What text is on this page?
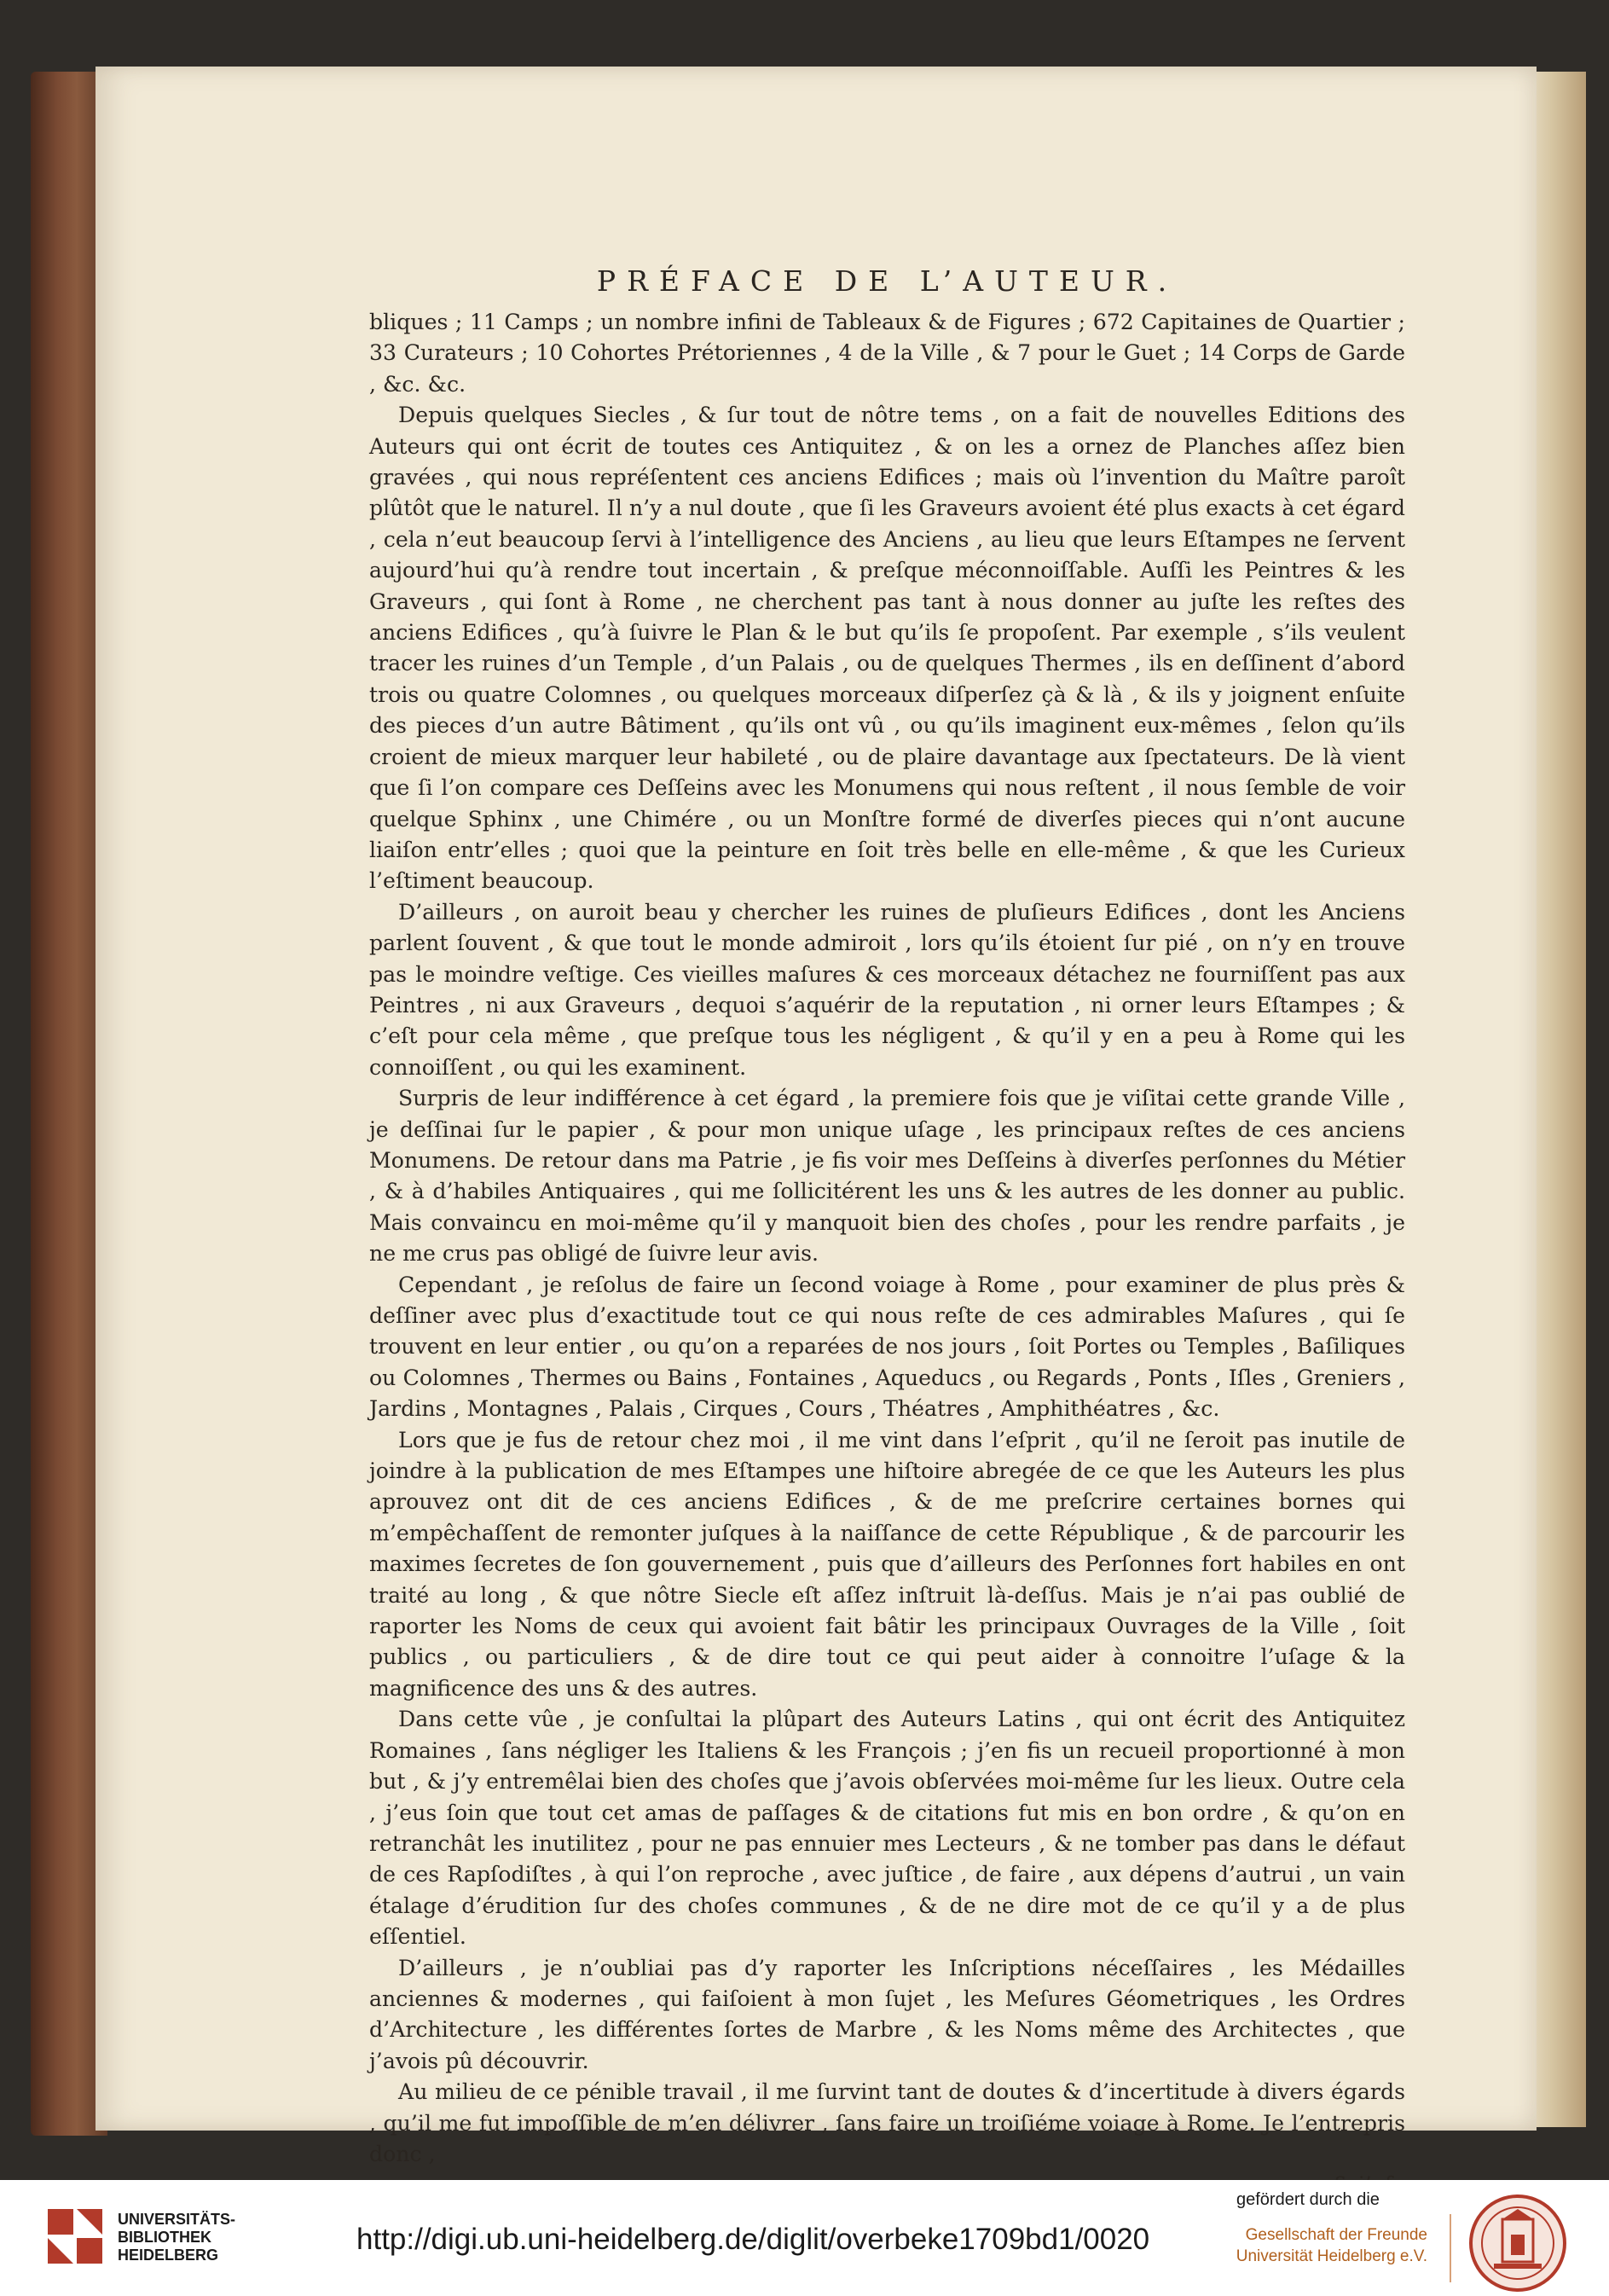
PRÉFACE DE L’AUTEUR.

bliques ; 11 Camps ; un nombre infini de Tableaux & de Figures ; 672 Capitaines de Quartier ; 33 Curateurs ; 10 Cohortes Prétoriennes , 4 de la Ville , & 7 pour le Guet ; 14 Corps de Garde , &c. &c.

Depuis quelques Siecles , & ſur tout de nôtre tems , on a fait de nouvelles Editions des Auteurs qui ont écrit de toutes ces Antiquitez , & on les a ornez de Planches aſſez bien gravées , qui nous repréſentent ces anciens Edifices ; mais où l’invention du Maître paroît plûtôt que le naturel. Il n’y a nul doute , que ſi les Graveurs avoient été plus exacts à cet égard , cela n’eut beaucoup ſervi à l’intelligence des Anciens , au lieu que leurs Eſtampes ne ſervent aujourd’hui qu’à rendre tout incertain , & preſque méconnoiſſable. Auſſi les Peintres & les Graveurs , qui ſont à Rome , ne cherchent pas tant à nous donner au juſte les reſtes des anciens Edifices , qu’à ſuivre le Plan & le but qu’ils ſe propoſent. Par exemple , s’ils veulent tracer les ruines d’un Temple , d’un Palais , ou de quelques Thermes , ils en deſſinent d’abord trois ou quatre Colomnes , ou quelques morceaux diſperſez çà & là , & ils y joignent enſuite des pieces d’un autre Bâtiment , qu’ils ont vû , ou qu’ils imaginent eux-mêmes , ſelon qu’ils croient de mieux marquer leur habileté , ou de plaire davantage aux ſpectateurs. De là vient que ſi l’on compare ces Deſſeins avec les Monumens qui nous reſtent , il nous ſemble de voir quelque Sphinx , une Chimére , ou un Monſtre formé de diverſes pieces qui n’ont aucune liaiſon entr’elles ; quoi que la peinture en ſoit très belle en elle-même , & que les Curieux l’eſtiment beaucoup.

D’ailleurs , on auroit beau y chercher les ruines de pluſieurs Edifices , dont les Anciens parlent ſouvent , & que tout le monde admiroit , lors qu’ils étoient ſur pié , on n’y en trouve pas le moindre veſtige. Ces vieilles maſures & ces morceaux détachez ne fourniſſent pas aux Peintres , ni aux Graveurs , dequoi s’aquérir de la reputation , ni orner leurs Eſtampes ; & c’eſt pour cela même , que preſque tous les négligent , & qu’il y en a peu à Rome qui les connoiſſent , ou qui les examinent.

Surpris de leur indifférence à cet égard , la premiere fois que je viſitai cette grande Ville , je deſſinai ſur le papier , & pour mon unique uſage , les principaux reſtes de ces anciens Monumens. De retour dans ma Patrie , je fis voir mes Deſſeins à diverſes perſonnes du Métier , & à d’habiles Antiquaires , qui me ſollicitérent les uns & les autres de les donner au public. Mais convaincu en moi-même qu’il y manquoit bien des choſes , pour les rendre parfaits , je ne me crus pas obligé de ſuivre leur avis.

Cependant , je reſolus de faire un ſecond voiage à Rome , pour examiner de plus près & deſſiner avec plus d’exactitude tout ce qui nous reſte de ces admirables Maſures , qui ſe trouvent en leur entier , ou qu’on a reparées de nos jours , ſoit Portes ou Temples , Baſiliques ou Colomnes , Thermes ou Bains , Fontaines , Aqueducs , ou Regards , Ponts , Iſles , Greniers , Jardins , Montagnes , Palais , Cirques , Cours , Théatres , Amphithéatres , &c.

Lors que je fus de retour chez moi , il me vint dans l’eſprit , qu’il ne ſeroit pas inutile de joindre à la publication de mes Eſtampes une hiſtoire abregée de ce que les Auteurs les plus aprouvez ont dit de ces anciens Edifices , & de me preſcrire certaines bornes qui m’empêchaſſent de remonter juſques à la naiſſance de cette République , & de parcourir les maximes ſecretes de ſon gouvernement , puis que d’ailleurs des Perſonnes fort habiles en ont traité au long , & que nôtre Siecle eſt aſſez inſtruit là-deſſus. Mais je n’ai pas oublié de raporter les Noms de ceux qui avoient fait bâtir les principaux Ouvrages de la Ville , ſoit publics , ou particuliers , & de dire tout ce qui peut aider à connoitre l’uſage & la magnificence des uns & des autres.

Dans cette vûe , je conſultai la plûpart des Auteurs Latins , qui ont écrit des Antiquitez Romaines , ſans négliger les Italiens & les François ; j’en fis un recueil proportionné à mon but , & j’y entremêlai bien des choſes que j’avois obſervées moi-même ſur les lieux. Outre cela , j’eus ſoin que tout cet amas de paſſages & de citations fut mis en bon ordre , & qu’on en retranchât les inutilitez , pour ne pas ennuier mes Lecteurs , & ne tomber pas dans le défaut de ces Rapſodiſtes , à qui l’on reproche , avec juſtice , de faire , aux dépens d’autrui , un vain étalage d’érudition ſur des choſes communes , & de ne dire mot de ce qu’il y a de plus eſſentiel.

D’ailleurs , je n’oubliai pas d’y raporter les Inſcriptions néceſſaires , les Médailles anciennes & modernes , qui faiſoient à mon ſujet , les Meſures Géometriques , les Ordres d’Architecture , les différentes ſortes de Marbre , & les Noms même des Architectes , que j’avois pû découvrir.

Au milieu de ce pénible travail , il me ſurvint tant de doutes & d’incertitude à divers égards , qu’il me fut impoſſible de m’en délivrer , ſans faire un troiſiéme voiage à Rome. Je l’entrepris donc ,

UNIVERSITÄTS-
BIBLIOTHEK
HEIDELBERG	http://digi.ub.uni-heidelberg.de/diglit/overbeke1709bd1/0020
gefördert durch die
Gesellschaft der Freunde
Universität Heidelberg e.V.
